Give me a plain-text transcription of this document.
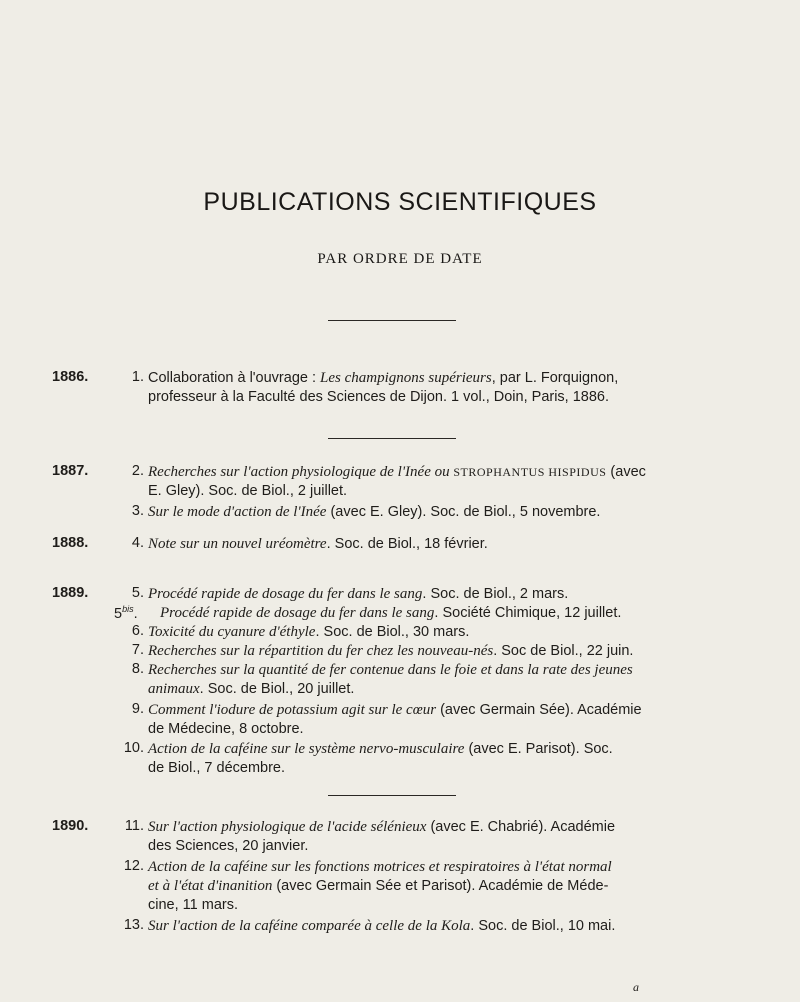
PUBLICATIONS SCIENTIFIQUES
PAR ORDRE DE DATE
1886.	1. Collaboration à l'ouvrage : Les champignons supérieurs, par L. Forquignon,
professeur à la Faculté des Sciences de Dijon. 1 vol., Doin, Paris, 1886.
1887.	2. Recherches sur l'action physiologique de l'Inée ou STROPHANTUS HISPIDUS (avec
E. Gley). Soc. de Biol., 2 juillet.
3. Sur le mode d'action de l'Inée (avec E. Gley). Soc. de Biol., 5 novembre.
1888.	4. Note sur un nouvel uréomètre. Soc. de Biol., 18 février.
1889.	5. Procédé rapide de dosage du fer dans le sang. Soc. de Biol., 2 mars.
$5^{bis}$.	Procédé rapide de dosage du fer dans le sang. Société Chimique, 12 juillet.
6. Toxicité du cyanure d'éthyle. Soc. de Biol., 30 mars.
7. Recherches sur la répartition du fer chez les nouveau-nés. Soc de Biol., 22 juin.
8. Recherches sur la quantité de fer contenue dans le foie et dans la rate des jeunes
animaux. Soc. de Biol., 20 juillet.
9. Comment l'iodure de potassium agit sur le cœur (avec Germain Sée). Académie
de Médecine, 8 octobre.
10. Action de la caféine sur le système nervo-musculaire (avec E. Parisot). Soc.
de Biol., 7 décembre.
1890.	11. Sur l'action physiologique de l'acide sélénieux (avec E. Chabrié). Académie
des Sciences, 20 janvier.
12. Action de la caféine sur les fonctions motrices et respiratoires à l'état normal
et à l'état d'inanition (avec Germain Sée et Parisot). Académie de Méde-
cine, 11 mars.
13. Sur l'action de la caféine comparée à celle de la Kola. Soc. de Biol., 10 mai.
a
